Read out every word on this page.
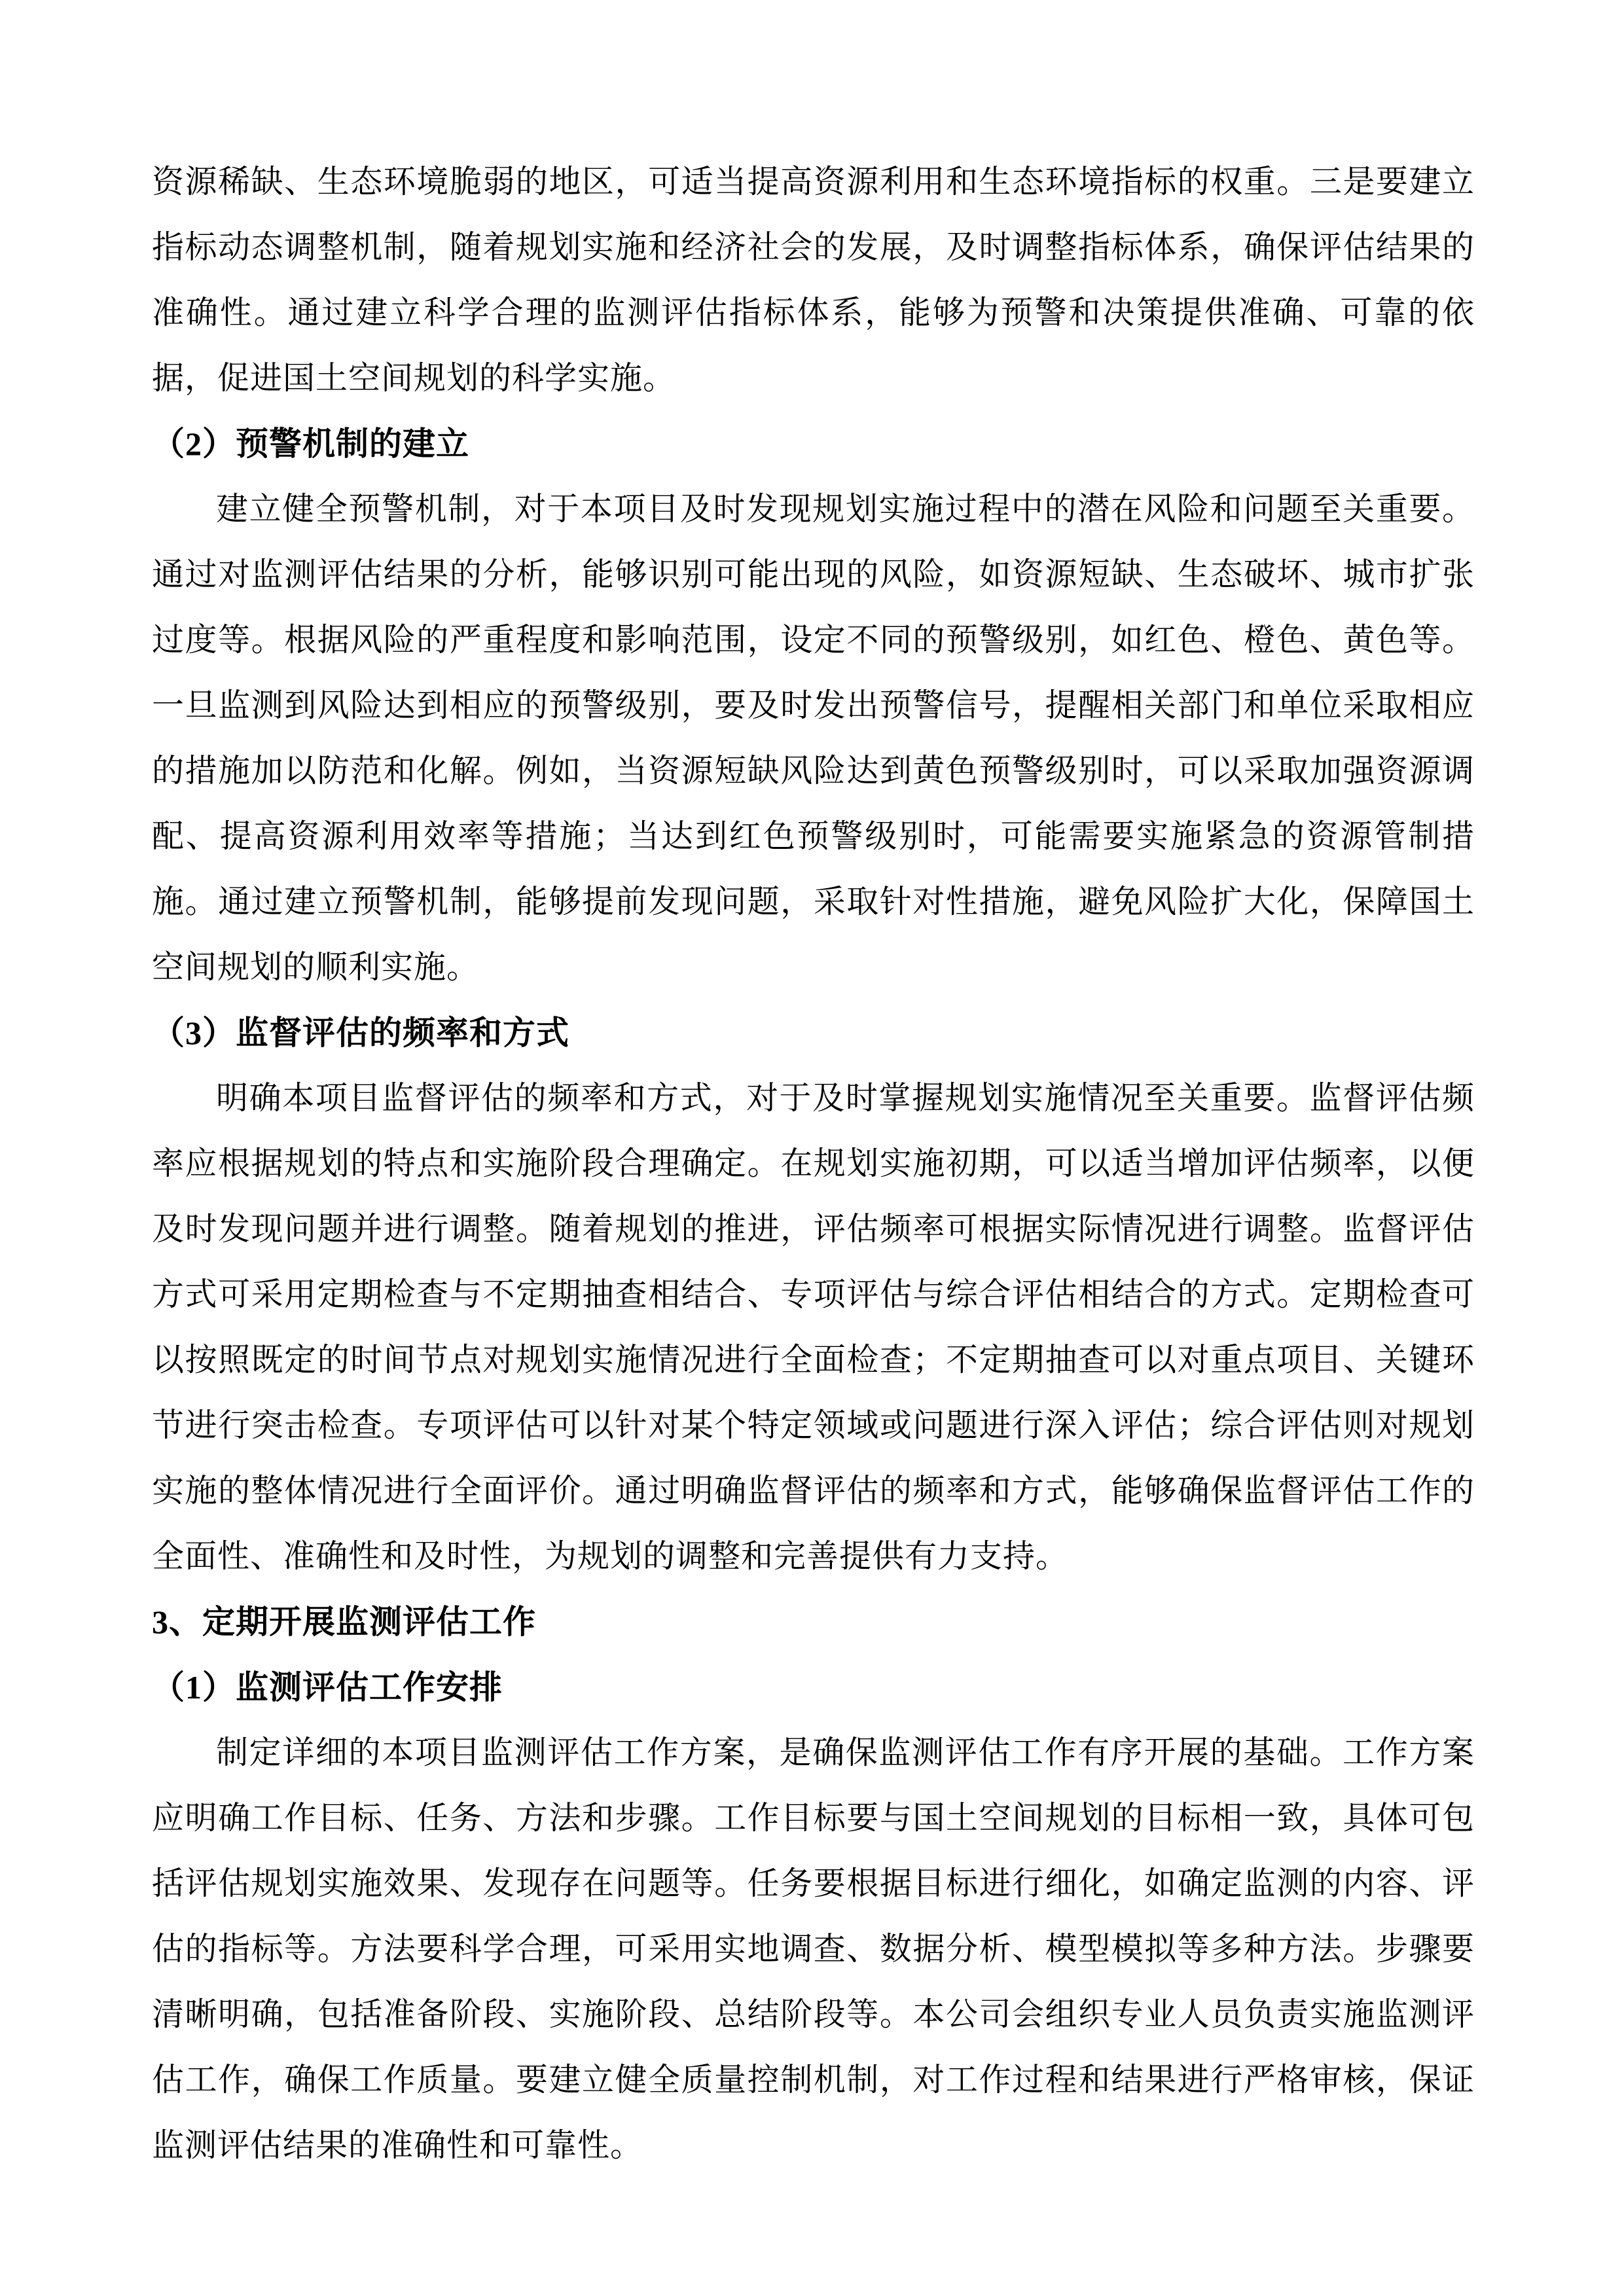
资源稀缺、生态环境脆弱的地区，可适当提高资源利用和生态环境指标的权重。三是要建立指标动态调整机制，随着规划实施和经济社会的发展，及时调整指标体系，确保评估结果的准确性。通过建立科学合理的监测评估指标体系，能够为预警和决策提供准确、可靠的依据，促进国土空间规划的科学实施。

（2）预警机制的建立

建立健全预警机制，对于本项目及时发现规划实施过程中的潜在风险和问题至关重要。通过对监测评估结果的分析，能够识别可能出现的风险，如资源短缺、生态破坏、城市扩张过度等。根据风险的严重程度和影响范围，设定不同的预警级别，如红色、橙色、黄色等。一旦监测到风险达到相应的预警级别，要及时发出预警信号，提醒相关部门和单位采取相应的措施加以防范和化解。例如，当资源短缺风险达到黄色预警级别时，可以采取加强资源调配、提高资源利用效率等措施；当达到红色预警级别时，可能需要实施紧急的资源管制措施。通过建立预警机制，能够提前发现问题，采取针对性措施，避免风险扩大化，保障国土空间规划的顺利实施。

（3）监督评估的频率和方式

明确本项目监督评估的频率和方式，对于及时掌握规划实施情况至关重要。监督评估频率应根据规划的特点和实施阶段合理确定。在规划实施初期，可以适当增加评估频率，以便及时发现问题并进行调整。随着规划的推进，评估频率可根据实际情况进行调整。监督评估方式可采用定期检查与不定期抽查相结合、专项评估与综合评估相结合的方式。定期检查可以按照既定的时间节点对规划实施情况进行全面检查；不定期抽查可以对重点项目、关键环节进行突击检查。专项评估可以针对某个特定领域或问题进行深入评估；综合评估则对规划实施的整体情况进行全面评价。通过明确监督评估的频率和方式，能够确保监督评估工作的全面性、准确性和及时性，为规划的调整和完善提供有力支持。

3、定期开展监测评估工作
（1）监测评估工作安排

制定详细的本项目监测评估工作方案，是确保监测评估工作有序开展的基础。工作方案应明确工作目标、任务、方法和步骤。工作目标要与国土空间规划的目标相一致，具体可包括评估规划实施效果、发现存在问题等。任务要根据目标进行细化，如确定监测的内容、评估的指标等。方法要科学合理，可采用实地调查、数据分析、模型模拟等多种方法。步骤要清晰明确，包括准备阶段、实施阶段、总结阶段等。本公司会组织专业人员负责实施监测评估工作，确保工作质量。要建立健全质量控制机制，对工作过程和结果进行严格审核，保证监测评估结果的准确性和可靠性。
